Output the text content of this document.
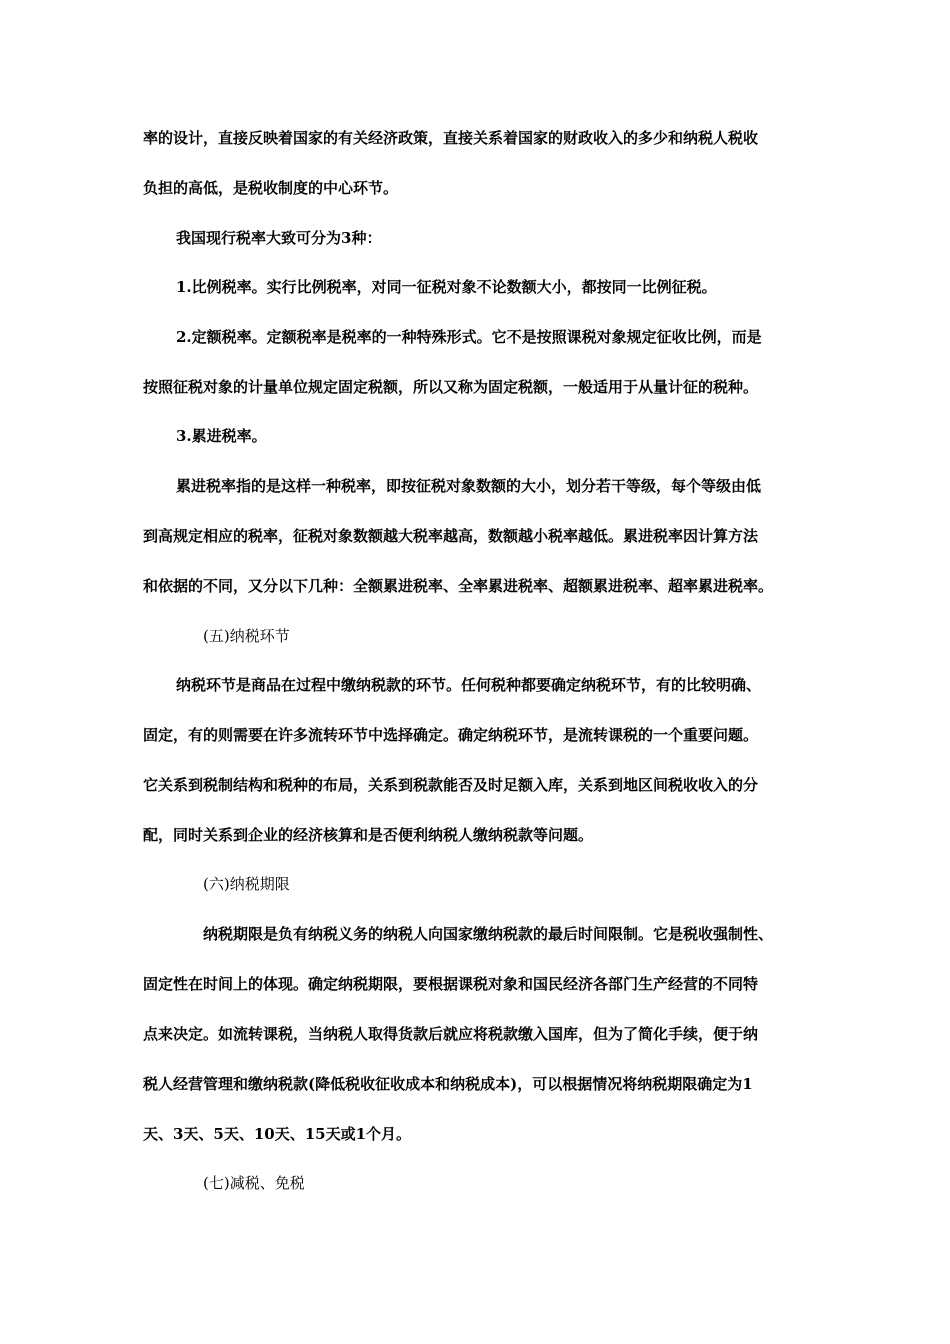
率的设计，直接反映着国家的有关经济政策，直接关系着国家的财政收入的多少和纳税人税收
负担的高低，是税收制度的中心环节。
我国现行税率大致可分为3种：
1.比例税率。实行比例税率，对同一征税对象不论数额大小，都按同一比例征税。
2.定额税率。定额税率是税率的一种特殊形式。它不是按照课税对象规定征收比例，而是
按照征税对象的计量单位规定固定税额，所以又称为固定税额，一般适用于从量计征的税种。
3.累进税率。
累进税率指的是这样一种税率，即按征税对象数额的大小，划分若干等级，每个等级由低
到高规定相应的税率，征税对象数额越大税率越高，数额越小税率越低。累进税率因计算方法
和依据的不同，又分以下几种：全额累进税率、全率累进税率、超额累进税率、超率累进税率。
(五)纳税环节
纳税环节是商品在过程中缴纳税款的环节。任何税种都要确定纳税环节，有的比较明确、
固定，有的则需要在许多流转环节中选择确定。确定纳税环节，是流转课税的一个重要问题。
它关系到税制结构和税种的布局，关系到税款能否及时足额入库，关系到地区间税收收入的分
配，同时关系到企业的经济核算和是否便利纳税人缴纳税款等问题。
(六)纳税期限
纳税期限是负有纳税义务的纳税人向国家缴纳税款的最后时间限制。它是税收强制性、
固定性在时间上的体现。确定纳税期限，要根据课税对象和国民经济各部门生产经营的不同特
点来决定。如流转课税，当纳税人取得货款后就应将税款缴入国库，但为了简化手续，便于纳
税人经营管理和缴纳税款(降低税收征收成本和纳税成本)，可以根据情况将纳税期限确定为1
天、3天、5天、10天、15天或1个月。
(七)减税、免税
